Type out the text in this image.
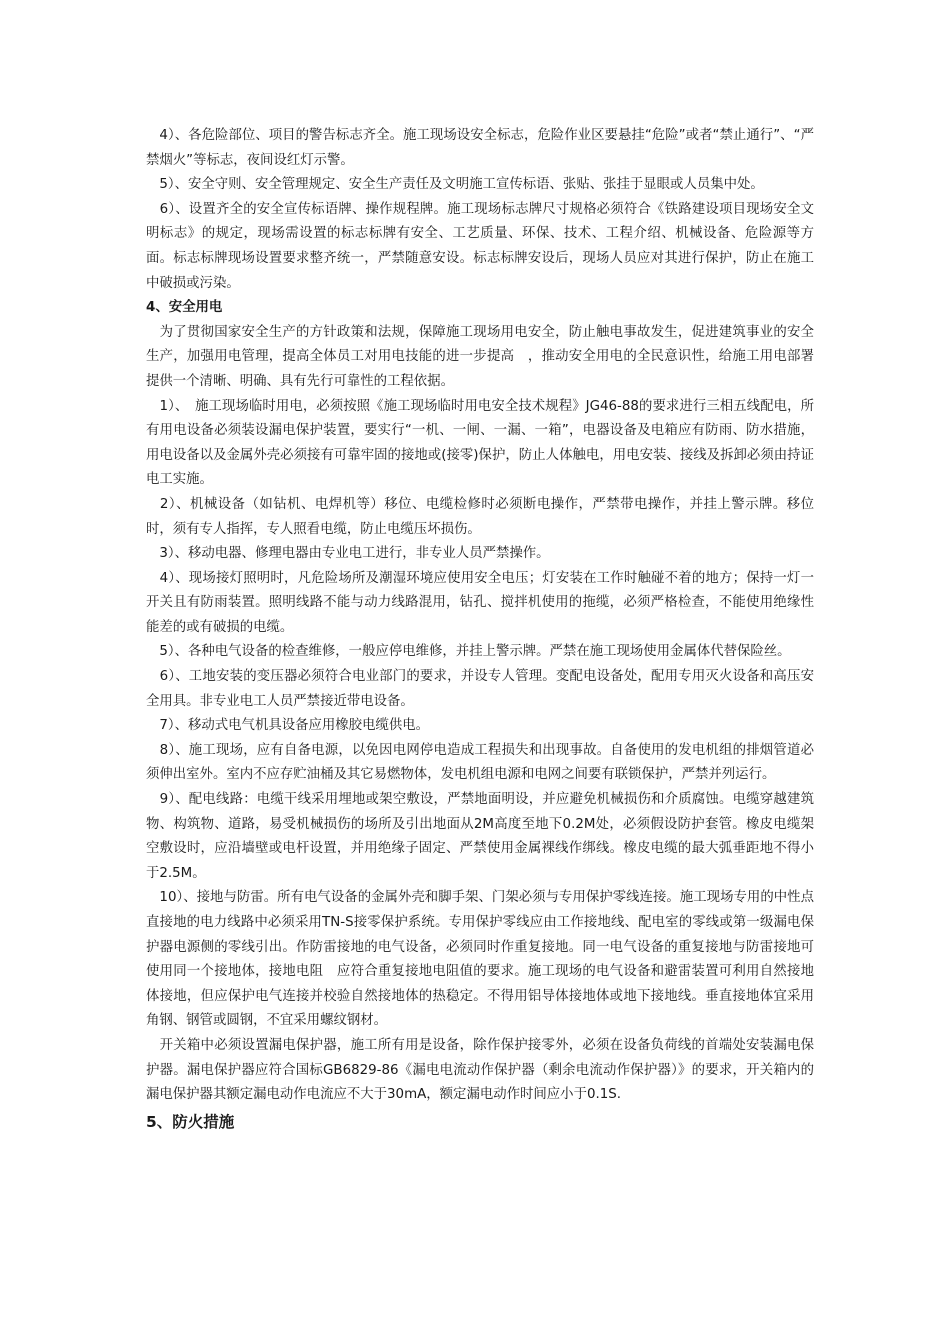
　4）、各危险部位、项目的警告标志齐全。施工现场设安全标志，危险作业区要悬挂“危险”或者“禁止通行”、“严禁烟火”等标志，夜间设红灯示警。

　5）、安全守则、安全管理规定、安全生产责任及文明施工宣传标语、张贴、张挂于显眼或人员集中处。

　6）、设置齐全的安全宣传标语牌、操作规程牌。施工现场标志牌尺寸规格必须符合《铁路建设项目现场安全文明标志》的规定，现场需设置的标志标牌有安全、工艺质量、环保、技术、工程介绍、机械设备、危险源等方面。标志标牌现场设置要求整齐统一，严禁随意安设。标志标牌安设后，现场人员应对其进行保护，防止在施工中破损或污染。

4、安全用电

　为了贯彻国家安全生产的方针政策和法规，保障施工现场用电安全，防止触电事故发生，促进建筑事业的安全生产，加强用电管理，提高全体员工对用电技能的进一步提高　，推动安全用电的全民意识性，给施工用电部署提供一个清晰、明确、具有先行可靠性的工程依据。

　1）、　施工现场临时用电，必须按照《施工现场临时用电安全技术规程》JG46-88的要求进行三相五线配电，所有用电设备必须装设漏电保护装置，要实行“一机、一闸、一漏、一箱”，电器设备及电箱应有防雨、防水措施，用电设备以及金属外壳必须接有可靠牢固的接地或(接零)保护，防止人体触电，用电安装、接线及拆卸必须由持证电工实施。

　2）、机械设备（如钻机、电焊机等）移位、电缆检修时必须断电操作，严禁带电操作，并挂上警示牌。移位时，须有专人指挥，专人照看电缆，防止电缆压坏损伤。

　3）、移动电器、修理电器由专业电工进行，非专业人员严禁操作。

　4）、现场接灯照明时，凡危险场所及潮湿环境应使用安全电压；灯安装在工作时触碰不着的地方；保持一灯一开关且有防雨装置。照明线路不能与动力线路混用，钻孔、搅拌机使用的拖缆，必须严格检查，不能使用绝缘性能差的或有破损的电缆。

　5）、各种电气设备的检查维修，一般应停电维修，并挂上警示牌。严禁在施工现场使用金属体代替保险丝。

　6）、工地安装的变压器必须符合电业部门的要求，并设专人管理。变配电设备处，配用专用灭火设备和高压安全用具。非专业电工人员严禁接近带电设备。

　7）、移动式电气机具设备应用橡胶电缆供电。

　8）、施工现场，应有自备电源，以免因电网停电造成工程损失和出现事故。自备使用的发电机组的排烟管道必须伸出室外。室内不应存贮油桶及其它易燃物体，发电机组电源和电网之间要有联锁保护，严禁并列运行。

　9）、配电线路：电缆干线采用埋地或架空敷设，严禁地面明设，并应避免机械损伤和介质腐蚀。电缆穿越建筑物、构筑物、道路，易受机械损伤的场所及引出地面从2M高度至地下0.2M处，必须假设防护套管。橡皮电缆架空敷设时，应沿墙壁或电杆设置，并用绝缘子固定、严禁使用金属裸线作绑线。橡皮电缆的最大弧垂距地不得小于2.5M。

　10）、接地与防雷。所有电气设备的金属外壳和脚手架、门架必须与专用保护零线连接。施工现场专用的中性点直接地的电力线路中必须采用TN-S接零保护系统。专用保护零线应由工作接地线、配电室的零线或第一级漏电保护器电源侧的零线引出。作防雷接地的电气设备，必须同时作重复接地。同一电气设备的重复接地与防雷接地可使用同一个接地体，接地电阻　应符合重复接地电阻值的要求。施工现场的电气设备和避雷装置可利用自然接地体接地，但应保护电气连接并校验自然接地体的热稳定。不得用铝导体接地体或地下接地线。垂直接地体宜采用角钢、钢管或圆钢，不宜采用螺纹钢材。

　开关箱中必须设置漏电保护器，施工所有用是设备，除作保护接零外，必须在设备负荷线的首端处安装漏电保护器。漏电保护器应符合国标GB6829-86《漏电电流动作保护器（剩余电流动作保护器）》的要求，开关箱内的漏电保护器其额定漏电动作电流应不大于30mA，额定漏电动作时间应小于0.1S.

5、防火措施
